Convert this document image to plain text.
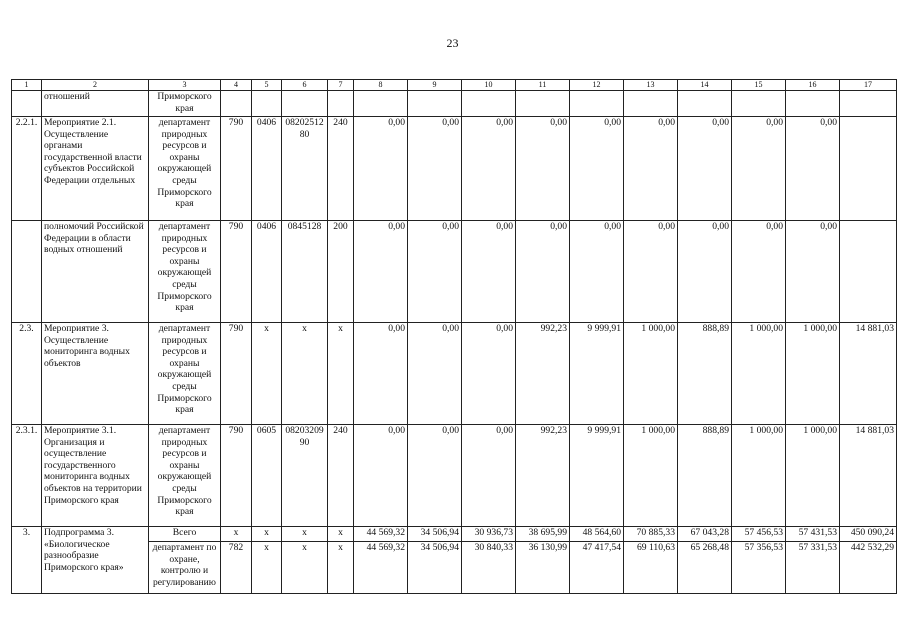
23
1	2	3	4	5	6	7	8	9	10	11	12	13	14	15	16	17
	отношений	Приморского края														
2.2.1.	Мероприятие 2.1. Осуществление органами государственной власти субъектов Российской Федерации отдельных	департамент природных ресурсов и охраны окружающей среды Приморского края	790	0406	0820251280	240	0,00	0,00	0,00	0,00	0,00	0,00	0,00	0,00	0,00	
	полномочий Российской Федерации в области водных отношений	департамент природных ресурсов и охраны окружающей среды Приморского края	790	0406	0845128	200	0,00	0,00	0,00	0,00	0,00	0,00	0,00	0,00	0,00	
2.3.	Мероприятие 3. Осуществление мониторинга водных объектов	департамент природных ресурсов и охраны окружающей среды Приморского края	790	x	x	x	0,00	0,00	0,00	992,23	9 999,91	1 000,00	888,89	1 000,00	1 000,00	14 881,03
2.3.1.	Мероприятие 3.1. Организация и осуществление государственного мониторинга водных объектов на территории Приморского края	департамент природных ресурсов и охраны окружающей среды Приморского края	790	0605	0820320990	240	0,00	0,00	0,00	992,23	9 999,91	1 000,00	888,89	1 000,00	1 000,00	14 881,03
3.	Подпрограмма 3. «Биологическое разнообразие Приморского края»	Всего	x	x	x	x	44 569,32	34 506,94	30 936,73	38 695,99	48 564,60	70 885,33	67 043,28	57 456,53	57 431,53	450 090,24
		департамент по охране, контролю и регулированию	782	x	x	x	44 569,32	34 506,94	30 840,33	36 130,99	47 417,54	69 110,63	65 268,48	57 356,53	57 331,53	442 532,29
